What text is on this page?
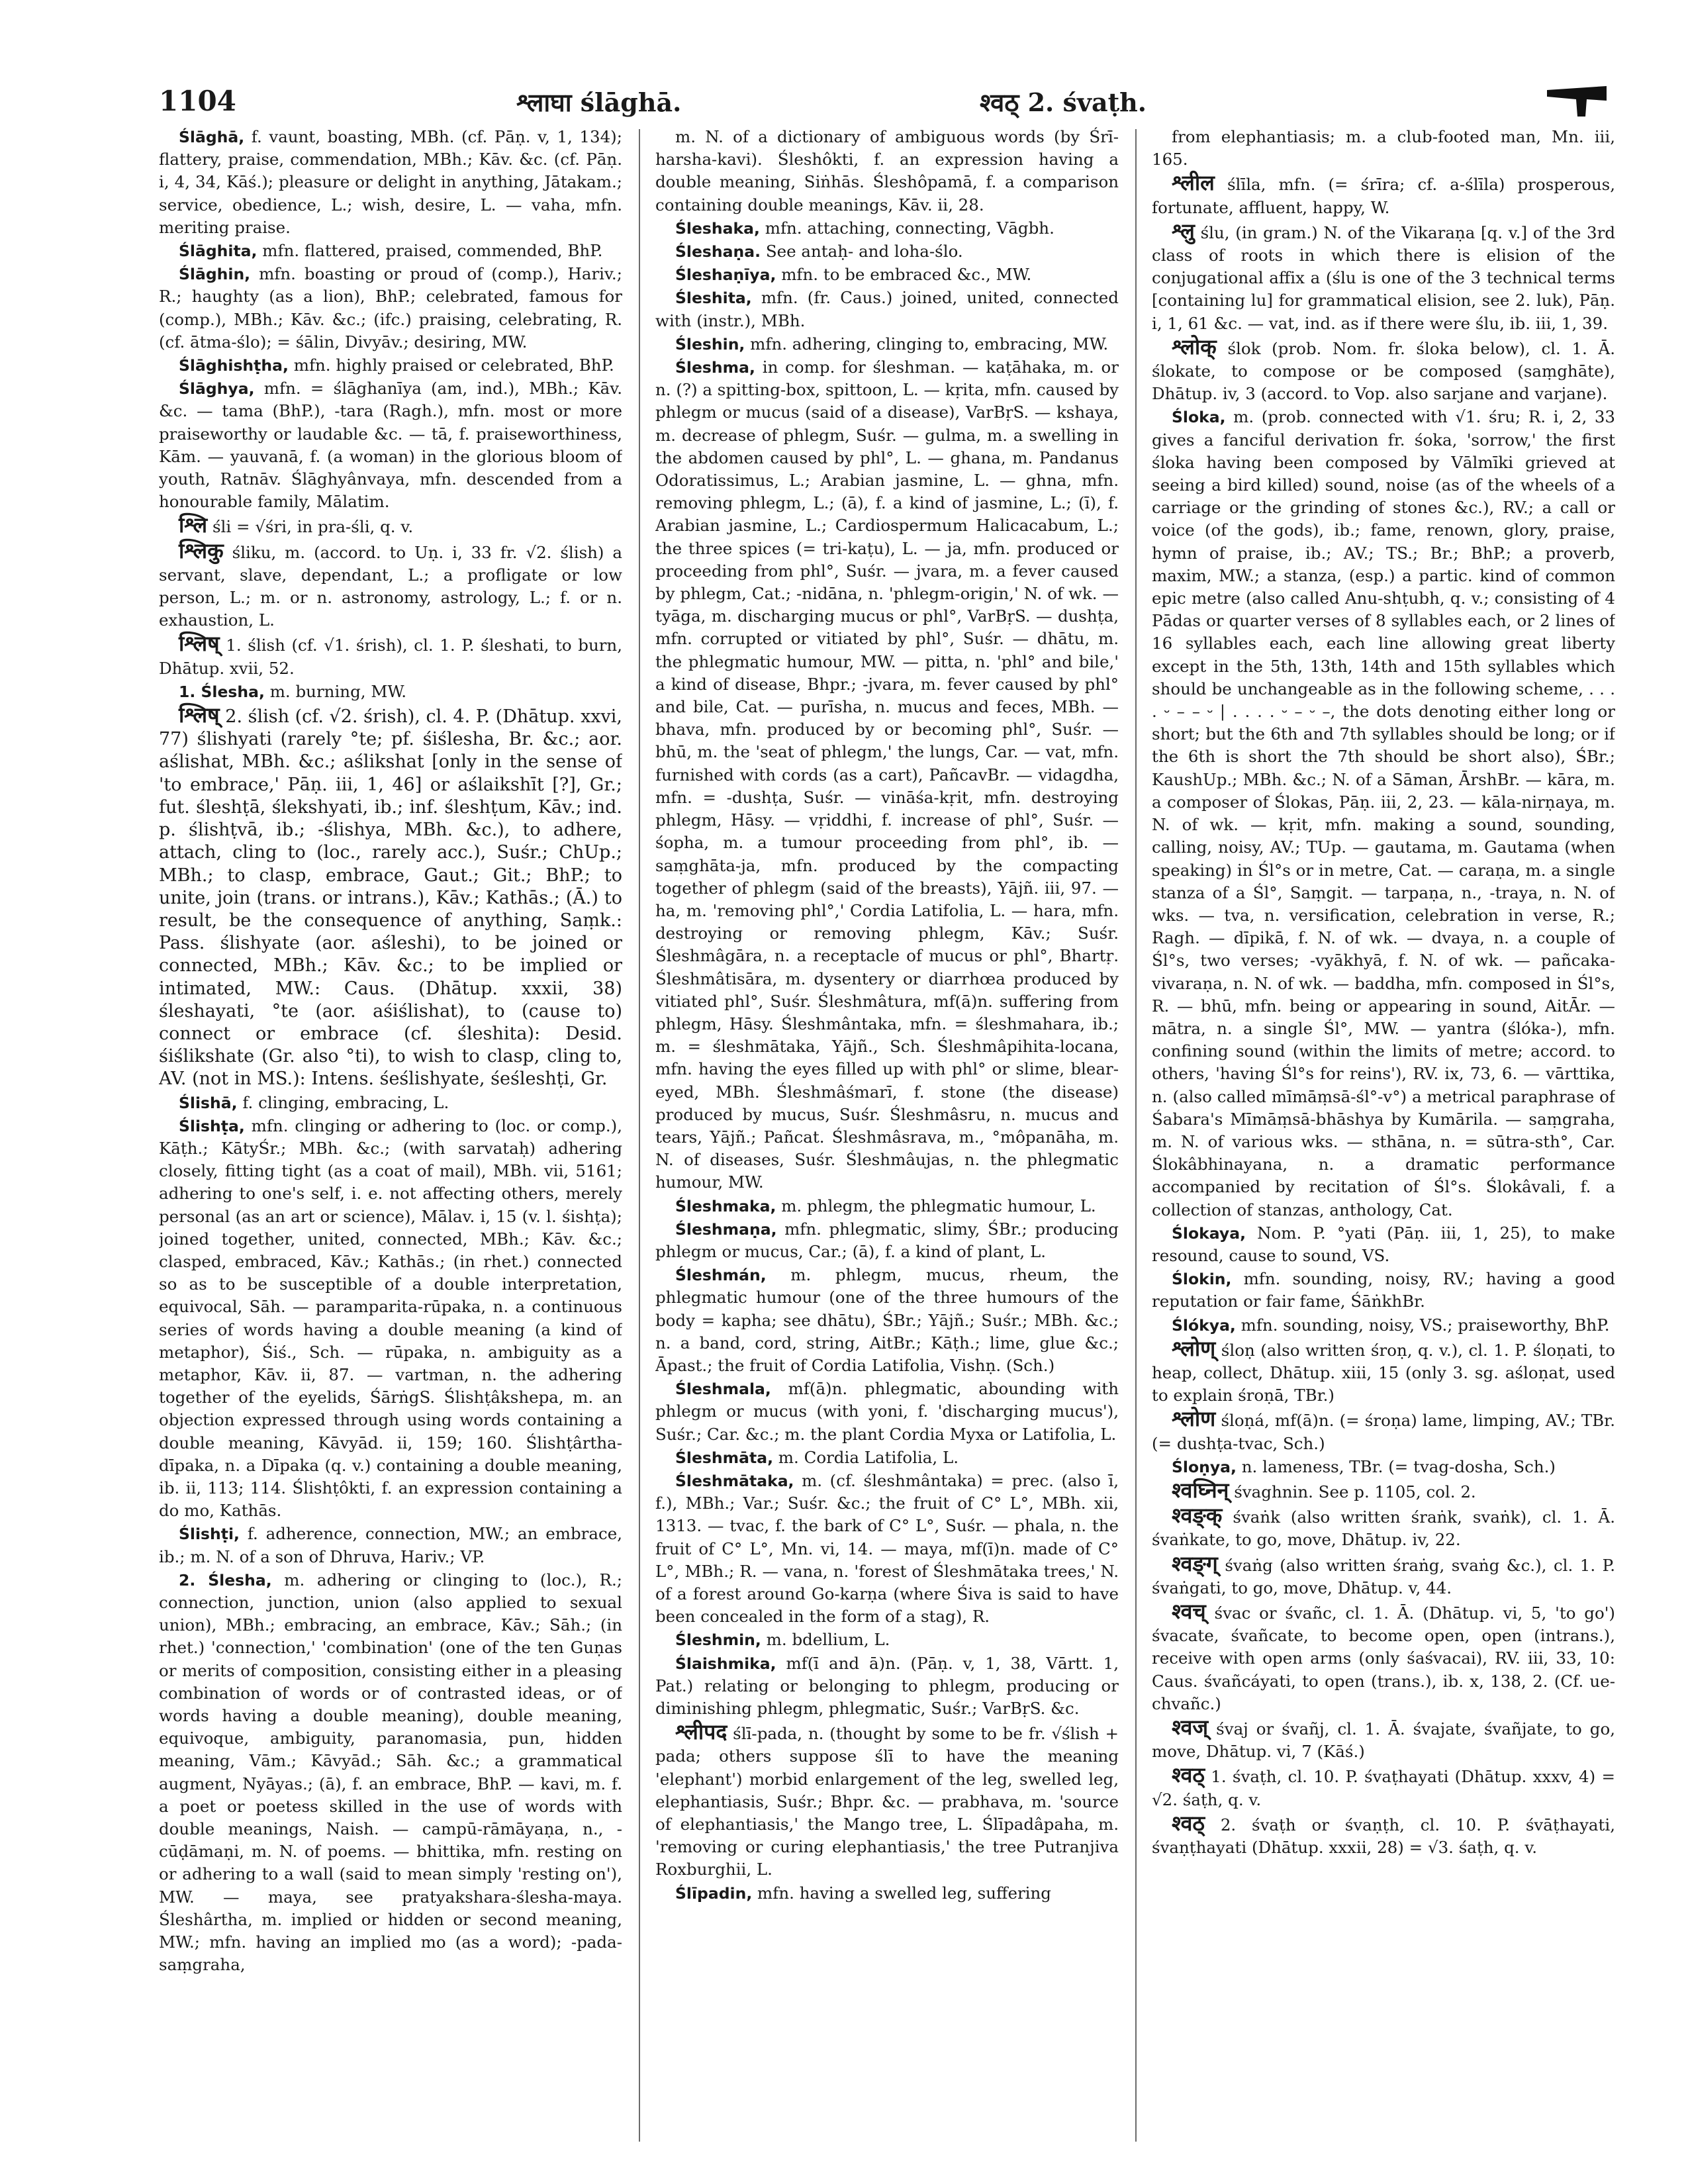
1104	श्लाघा ślāghā.	श्वठ् 2. śvaṭh.

Ślāghā, f. vaunt, boasting, MBh. (cf. Pāṇ. v, 1, 134); flattery, praise, commendation, MBh.; Kāv. &c. (cf. Pāṇ. i, 4, 34, Kāś.); pleasure or delight in anything, Jātakam.; service, obedience, L.; wish, desire, L. — vaha, mfn. meriting praise.

Ślāghita, mfn. flattered, praised, commended, BhP.

Ślāghin, mfn. boasting or proud of (comp.), Hariv.; R.; haughty (as a lion), BhP.; celebrated, famous for (comp.), MBh.; Kāv. &c.; (ifc.) praising, celebrating, R. (cf. ātma-ślo); = śālin, Divyāv.; desiring, MW.

Ślāghishṭha, mfn. highly praised or celebrated, BhP.

Ślāghya, mfn. = ślāghanīya (am, ind.), MBh.; Kāv. &c. — tama (BhP.), -tara (Ragh.), mfn. most or more praiseworthy or laudable &c. — tā, f. praiseworthiness, Kām. — yauvanā, f. (a woman) in the glorious bloom of youth, Ratnāv. Ślāghyânvaya, mfn. descended from a honourable family, Mālatim.

श्लि śli = √śri, in pra-śli, q. v.

श्लिकु śliku, m. (accord. to Uṇ. i, 33 fr. √2. ślish) a servant, slave, dependant, L.; a profligate or low person, L.; m. or n. astronomy, astrology, L.; f. or n. exhaustion, L.

श्लिष् 1. ślish (cf. √1. śrish), cl. 1. P. śleshati, to burn, Dhātup. xvii, 52.

1. Ślesha, m. burning, MW.

श्लिष् 2. ślish (cf. √2. śrish), cl. 4. P. (Dhātup. xxvi, 77) ślishyati (rarely °te; pf. śiślesha, Br. &c.; aor. aślishat, MBh. &c.; aślikshat [only in the sense of 'to embrace,' Pāṇ. iii, 1, 46] or aślaikshīt [?], Gr.; fut. śleshṭā, ślekshyati, ib.; inf. śleshṭum, Kāv.; ind. p. ślishṭvā, ib.; -ślishya, MBh. &c.), to adhere, attach, cling to (loc., rarely acc.), Suśr.; ChUp.; MBh.; to clasp, embrace, Gaut.; Git.; BhP.; to unite, join (trans. or intrans.), Kāv.; Kathās.; (Ā.) to result, be the consequence of anything, Saṃk.: Pass. ślishyate (aor. aśleshi), to be joined or connected, MBh.; Kāv. &c.; to be implied or intimated, MW.: Caus. (Dhātup. xxxii, 38) śleshayati, °te (aor. aśiślishat), to (cause to) connect or embrace (cf. śleshita): Desid. śiślikshate (Gr. also °ti), to wish to clasp, cling to, AV. (not in MS.): Intens. śeślishyate, śeśleshṭi, Gr.

Ślishā, f. clinging, embracing, L.

Ślishṭa, mfn. clinging or adhering to (loc. or comp.), Kāṭh.; KātyŚr.; MBh. &c.; (with sarvataḥ) adhering closely, fitting tight (as a coat of mail), MBh. vii, 5161; adhering to one's self, i. e. not affecting others, merely personal (as an art or science), Mālav. i, 15 (v. l. śishṭa); joined together, united, connected, MBh.; Kāv. &c.; clasped, embraced, Kāv.; Kathās.; (in rhet.) connected so as to be susceptible of a double interpretation, equivocal, Sāh. — paramparita-rūpaka, n. a continuous series of words having a double meaning (a kind of metaphor), Śiś., Sch. — rūpaka, n. ambiguity as a metaphor, Kāv. ii, 87. — vartman, n. the adhering together of the eyelids, ŚārṅgS. Ślishṭâkshepa, m. an objection expressed through using words containing a double meaning, Kāvyād. ii, 159; 160. Ślishṭârtha-dīpaka, n. a Dīpaka (q. v.) containing a double meaning, ib. ii, 113; 114. Ślishṭôkti, f. an expression containing a do mo, Kathās.

Ślishṭi, f. adherence, connection, MW.; an embrace, ib.; m. N. of a son of Dhruva, Hariv.; VP.

2. Ślesha, m. adhering or clinging to (loc.), R.; connection, junction, union (also applied to sexual union), MBh.; embracing, an embrace, Kāv.; Sāh.; (in rhet.) 'connection,' 'combination' (one of the ten Guṇas or merits of composition, consisting either in a pleasing combination of words or of contrasted ideas, or of words having a double meaning), double meaning, equivoque, ambiguity, paranomasia, pun, hidden meaning, Vām.; Kāvyād.; Sāh. &c.; a grammatical augment, Nyāyas.; (ā), f. an embrace, BhP. — kavi, m. f. a poet or poetess skilled in the use of words with double meanings, Naish. — campū-rāmāyaṇa, n., -cūḍāmaṇi, m. N. of poems. — bhittika, mfn. resting on or adhering to a wall (said to mean simply 'resting on'), MW. — maya, see pratyakshara-ślesha-maya. Śleshârtha, m. implied or hidden or second meaning, MW.; mfn. having an implied mo (as a word); -pada-saṃgraha,

m. N. of a dictionary of ambiguous words (by Śrī-harsha-kavi). Śleshôkti, f. an expression having a double meaning, Siṅhās. Śleshôpamā, f. a comparison containing double meanings, Kāv. ii, 28.

Śleshaka, mfn. attaching, connecting, Vāgbh.

Śleshaṇa. See antaḥ- and loha-ślo.

Śleshaṇīya, mfn. to be embraced &c., MW.

Śleshita, mfn. (fr. Caus.) joined, united, connected with (instr.), MBh.

Śleshin, mfn. adhering, clinging to, embracing, MW.

Śleshma, in comp. for śleshman. — kaṭāhaka, m. or n. (?) a spitting-box, spittoon, L. — kṛita, mfn. caused by phlegm or mucus (said of a disease), VarBṛS. — kshaya, m. decrease of phlegm, Suśr. — gulma, m. a swelling in the abdomen caused by phl°, L. — ghana, m. Pandanus Odoratissimus, L.; Arabian jasmine, L. — ghna, mfn. removing phlegm, L.; (ā), f. a kind of jasmine, L.; (ī), f. Arabian jasmine, L.; Cardiospermum Halicacabum, L.; the three spices (= tri-kaṭu), L. — ja, mfn. produced or proceeding from phl°, Suśr. — jvara, m. a fever caused by phlegm, Cat.; -nidāna, n. 'phlegm-origin,' N. of wk. — tyāga, m. discharging mucus or phl°, VarBṛS. — dushṭa, mfn. corrupted or vitiated by phl°, Suśr. — dhātu, m. the phlegmatic humour, MW. — pitta, n. 'phl° and bile,' a kind of disease, Bhpr.; -jvara, m. fever caused by phl° and bile, Cat. — purīsha, n. mucus and feces, MBh. — bhava, mfn. produced by or becoming phl°, Suśr. — bhū, m. the 'seat of phlegm,' the lungs, Car. — vat, mfn. furnished with cords (as a cart), PañcavBr. — vidagdha, mfn. = -dushṭa, Suśr. — vināśa-kṛit, mfn. destroying phlegm, Hāsy. — vṛiddhi, f. increase of phl°, Suśr. — śopha, m. a tumour proceeding from phl°, ib. — saṃghāta-ja, mfn. produced by the compacting together of phlegm (said of the breasts), Yājñ. iii, 97. — ha, m. 'removing phl°,' Cordia Latifolia, L. — hara, mfn. destroying or removing phlegm, Kāv.; Suśr. Śleshmâgāra, n. a receptacle of mucus or phl°, Bhartṛ. Śleshmâtisāra, m. dysentery or diarrhœa produced by vitiated phl°, Suśr. Śleshmâtura, mf(ā)n. suffering from phlegm, Hāsy. Śleshmântaka, mfn. = śleshmahara, ib.; m. = śleshmātaka, Yājñ., Sch. Śleshmâpihita-locana, mfn. having the eyes filled up with phl° or slime, blear-eyed, MBh. Śleshmâśmarī, f. stone (the disease) produced by mucus, Suśr. Śleshmâsru, n. mucus and tears, Yājñ.; Pañcat. Śleshmâsrava, m., °môpanāha, m. N. of diseases, Suśr. Śleshmâujas, n. the phlegmatic humour, MW.

Śleshmaka, m. phlegm, the phlegmatic humour, L.

Śleshmaṇa, mfn. phlegmatic, slimy, ŚBr.; producing phlegm or mucus, Car.; (ā), f. a kind of plant, L.

Śleshmán, m. phlegm, mucus, rheum, the phlegmatic humour (one of the three humours of the body = kapha; see dhātu), ŚBr.; Yājñ.; Suśr.; MBh. &c.; n. a band, cord, string, AitBr.; Kāṭh.; lime, glue &c.; Āpast.; the fruit of Cordia Latifolia, Vishṇ. (Sch.)

Śleshmala, mf(ā)n. phlegmatic, abounding with phlegm or mucus (with yoni, f. 'discharging mucus'), Suśr.; Car. &c.; m. the plant Cordia Myxa or Latifolia, L.

Śleshmāta, m. Cordia Latifolia, L.

Śleshmātaka, m. (cf. śleshmântaka) = prec. (also ī, f.), MBh.; Var.; Suśr. &c.; the fruit of C° L°, MBh. xii, 1313. — tvac, f. the bark of C° L°, Suśr. — phala, n. the fruit of C° L°, Mn. vi, 14. — maya, mf(ī)n. made of C° L°, MBh.; R. — vana, n. 'forest of Śleshmātaka trees,' N. of a forest around Go-karṇa (where Śiva is said to have been concealed in the form of a stag), R.

Śleshmin, m. bdellium, L.

Ślaishmika, mf(ī and ā)n. (Pāṇ. v, 1, 38, Vārtt. 1, Pat.) relating or belonging to phlegm, producing or diminishing phlegm, phlegmatic, Suśr.; VarBṛS. &c.

श्लीपद ślī-pada, n. (thought by some to be fr. √ślish + pada; others suppose ślī to have the meaning 'elephant') morbid enlargement of the leg, swelled leg, elephantiasis, Suśr.; Bhpr. &c. — prabhava, m. 'source of elephantiasis,' the Mango tree, L. Ślīpadâpaha, m. 'removing or curing elephantiasis,' the tree Putranjiva Roxburghii, L.

Ślīpadin, mfn. having a swelled leg, suffering

from elephantiasis; m. a club-footed man, Mn. iii, 165.

श्लील ślīla, mfn. (= śrīra; cf. a-ślīla) prosperous, fortunate, affluent, happy, W.

श्लु ślu, (in gram.) N. of the Vikaraṇa [q. v.] of the 3rd class of roots in which there is elision of the conjugational affix a (ślu is one of the 3 technical terms [containing lu] for grammatical elision, see 2. luk), Pāṇ. i, 1, 61 &c. — vat, ind. as if there were ślu, ib. iii, 1, 39.

श्लोक् ślok (prob. Nom. fr. śloka below), cl. 1. Ā. ślokate, to compose or be composed (saṃghāte), Dhātup. iv, 3 (accord. to Vop. also sarjane and varjane).

Śloka, m. (prob. connected with √1. śru; R. i, 2, 33 gives a fanciful derivation fr. śoka, 'sorrow,' the first śloka having been composed by Vālmīki grieved at seeing a bird killed) sound, noise (as of the wheels of a carriage or the grinding of stones &c.), RV.; a call or voice (of the gods), ib.; fame, renown, glory, praise, hymn of praise, ib.; AV.; TS.; Br.; BhP.; a proverb, maxim, MW.; a stanza, (esp.) a partic. kind of common epic metre (also called Anu-shṭubh, q. v.; consisting of 4 Pādas or quarter verses of 8 syllables each, or 2 lines of 16 syllables each, each line allowing great liberty except in the 5th, 13th, 14th and 15th syllables which should be unchangeable as in the following scheme, . . . . ⏑ – – ⏑ | . . . . ⏑ – ⏑ –, the dots denoting either long or short; but the 6th and 7th syllables should be long; or if the 6th is short the 7th should be short also), ŚBr.; KaushUp.; MBh. &c.; N. of a Sāman, ĀrshBr. — kāra, m. a composer of Ślokas, Pāṇ. iii, 2, 23. — kāla-nirṇaya, m. N. of wk. — kṛit, mfn. making a sound, sounding, calling, noisy, AV.; TUp. — gautama, m. Gautama (when speaking) in Śl°s or in metre, Cat. — caraṇa, m. a single stanza of a Śl°, Saṃgit. — tarpaṇa, n., -traya, n. N. of wks. — tva, n. versification, celebration in verse, R.; Ragh. — dīpikā, f. N. of wk. — dvaya, n. a couple of Śl°s, two verses; -vyākhyā, f. N. of wk. — pañcaka-vivaraṇa, n. N. of wk. — baddha, mfn. composed in Śl°s, R. — bhū, mfn. being or appearing in sound, AitĀr. — mātra, n. a single Śl°, MW. — yantra (ślóka-), mfn. confining sound (within the limits of metre; accord. to others, 'having Śl°s for reins'), RV. ix, 73, 6. — vārttika, n. (also called mīmāṃsā-śl°-v°) a metrical paraphrase of Śabara's Mīmāṃsā-bhāshya by Kumārila. — saṃgraha, m. N. of various wks. — sthāna, n. = sūtra-sth°, Car. Ślokâbhinayana, n. a dramatic performance accompanied by recitation of Śl°s. Ślokâvali, f. a collection of stanzas, anthology, Cat.

Ślokaya, Nom. P. °yati (Pāṇ. iii, 1, 25), to make resound, cause to sound, VS.

Ślokin, mfn. sounding, noisy, RV.; having a good reputation or fair fame, ŚāṅkhBr.

Ślókya, mfn. sounding, noisy, VS.; praiseworthy, BhP.

श्लोण् śloṇ (also written śroṇ, q. v.), cl. 1. P. śloṇati, to heap, collect, Dhātup. xiii, 15 (only 3. sg. aśloṇat, used to explain śroṇā, TBr.)

श्लोण śloṇá, mf(ā)n. (= śroṇa) lame, limping, AV.; TBr. (= dushṭa-tvac, Sch.)

Śloṇya, n. lameness, TBr. (= tvag-dosha, Sch.)

श्वघ्निन् śvaghnin. See p. 1105, col. 2.

श्वङ्क् śvaṅk (also written śraṅk, svaṅk), cl. 1. Ā. śvaṅkate, to go, move, Dhātup. iv, 22.

श्वङ्ग् śvaṅg (also written śraṅg, svaṅg &c.), cl. 1. P. śvaṅgati, to go, move, Dhātup. v, 44.

श्वच् śvac or śvañc, cl. 1. Ā. (Dhātup. vi, 5, 'to go') śvacate, śvañcate, to become open, open (intrans.), receive with open arms (only śaśvacai), RV. iii, 33, 10: Caus. śvañcáyati, to open (trans.), ib. x, 138, 2. (Cf. ue-chvañc.)

श्वज् śvaj or śvañj, cl. 1. Ā. śvajate, śvañjate, to go, move, Dhātup. vi, 7 (Kāś.)

श्वठ् 1. śvaṭh, cl. 10. P. śvaṭhayati (Dhātup. xxxv, 4) = √2. śaṭh, q. v.

श्वठ् 2. śvaṭh or śvaṇṭh, cl. 10. P. śvāṭhayati, śvaṇṭhayati (Dhātup. xxxii, 28) = √3. śaṭh, q. v.
